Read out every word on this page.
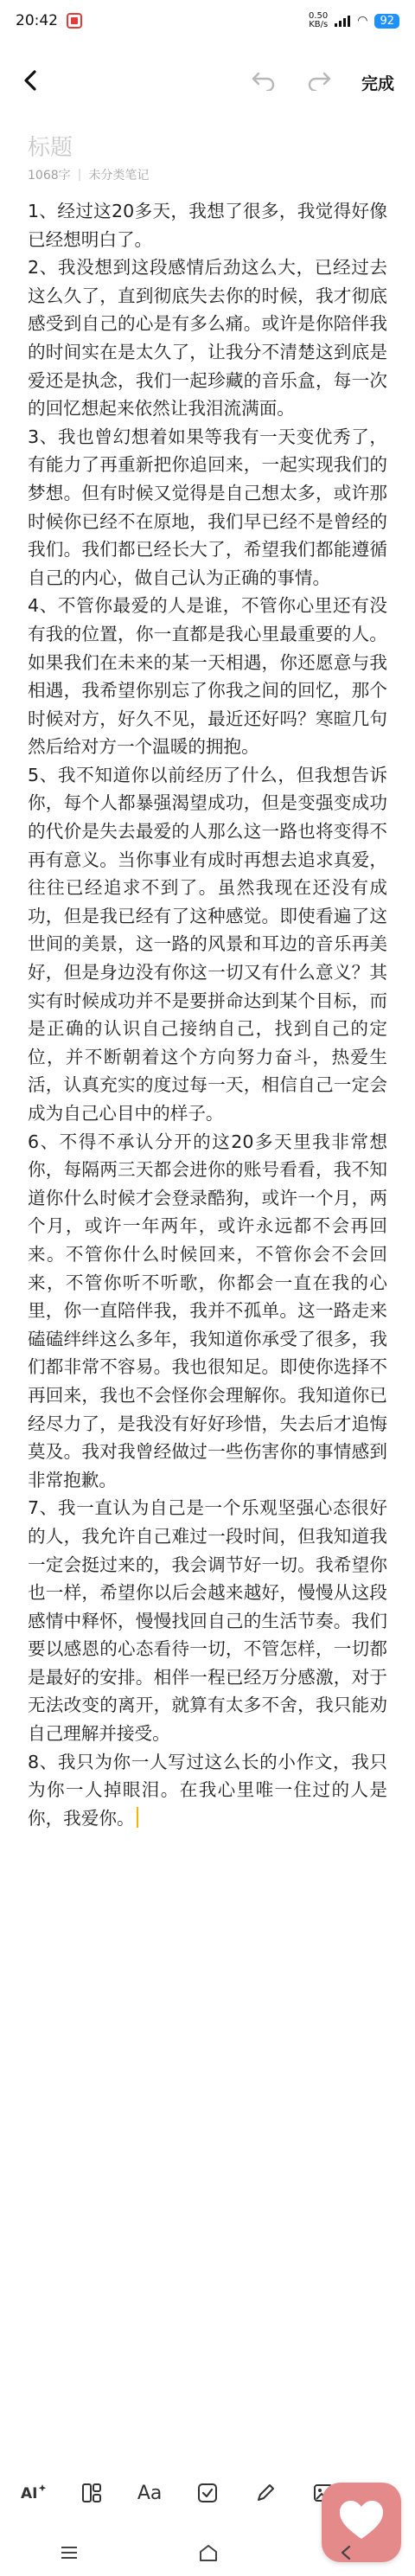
20:42	0.50
KB/s ◠	92
完成
标题
1068字 | 未分类笔记

1、经过这20多天，我想了很多，我觉得好像已经想明白了。

2、我没想到这段感情后劲这么大，已经过去这么久了，直到彻底失去你的时候，我才彻底感受到自己的心是有多么痛。或许是你陪伴我的时间实在是太久了，让我分不清楚这到底是爱还是执念，我们一起珍藏的音乐盒，每一次的回忆想起来依然让我泪流满面。

3、我也曾幻想着如果等我有一天变优秀了，有能力了再重新把你追回来，一起实现我们的梦想。但有时候又觉得是自己想太多，或许那时候你已经不在原地，我们早已经不是曾经的我们。我们都已经长大了，希望我们都能遵循自己的内心，做自己认为正确的事情。

4、不管你最爱的人是谁，不管你心里还有没有我的位置，你一直都是我心里最重要的人。如果我们在未来的某一天相遇，你还愿意与我相遇，我希望你别忘了你我之间的回忆，那个时候对方，好久不见，最近还好吗？寒暄几句然后给对方一个温暖的拥抱。

5、我不知道你以前经历了什么，但我想告诉你，每个人都暴强渴望成功，但是变强变成功的代价是失去最爱的人那么这一路也将变得不再有意义。当你事业有成时再想去追求真爱，往往已经追求不到了。虽然我现在还没有成功，但是我已经有了这种感觉。即使看遍了这世间的美景，这一路的风景和耳边的音乐再美好，但是身边没有你这一切又有什么意义？其实有时候成功并不是要拼命达到某个目标，而是正确的认识自己接纳自己，找到自己的定位，并不断朝着这个方向努力奋斗，热爱生活，认真充实的度过每一天，相信自己一定会成为自己心目中的样子。

6、不得不承认分开的这20多天里我非常想你，每隔两三天都会进你的账号看看，我不知道你什么时候才会登录酷狗，或许一个月，两个月，或许一年两年，或许永远都不会再回来。不管你什么时候回来，不管你会不会回来，不管你听不听歌，你都会一直在我的心里，你一直陪伴我，我并不孤单。这一路走来磕磕绊绊这么多年，我知道你承受了很多，我们都非常不容易。我也很知足。即使你选择不再回来，我也不会怪你会理解你。我知道你已经尽力了，是我没有好好珍惜，失去后才追悔莫及。我对我曾经做过一些伤害你的事情感到非常抱歉。

7、我一直认为自己是一个乐观坚强心态很好的人，我允许自己难过一段时间，但我知道我一定会挺过来的，我会调节好一切。我希望你也一样，希望你以后会越来越好，慢慢从这段感情中释怀，慢慢找回自己的生活节奏。我们要以感恩的心态看待一切，不管怎样，一切都是最好的安排。相伴一程已经万分感激，对于无法改变的离开，就算有太多不舍，我只能劝自己理解并接受。

8、我只为你一人写过这么长的小作文，我只为你一人掉眼泪。在我心里唯一住过的人是你，我爱你。

AI	Aa
